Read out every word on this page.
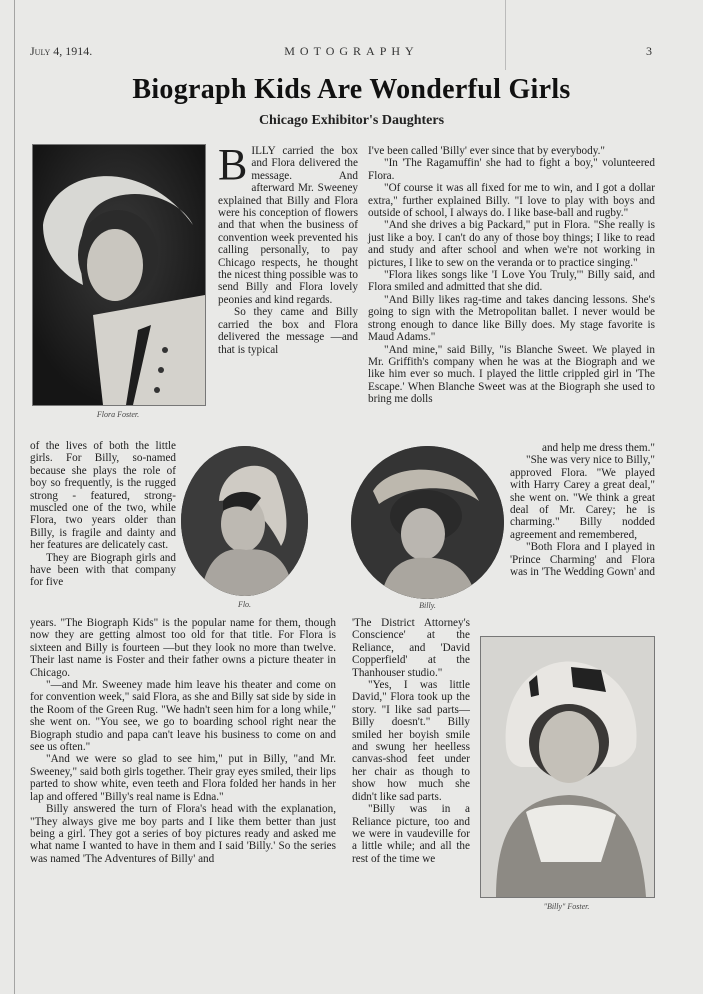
July 4, 1914.	MOTOGRAPHY	3
Biograph Kids Are Wonderful Girls
Chicago Exhibitor's Daughters
Flora Foster.

BILLY carried the box and Flora delivered the message. And afterward Mr. Sweeney explained that Billy and Flora were his conception of flowers and that when the business of convention week prevented his calling personally, to pay Chicago respects, he thought the nicest thing possible was to send Billy and Flora lovely peonies and kind regards.

So they came and Billy carried the box and Flora delivered the message —and that is typical

I've been called 'Billy' ever since that by everybody."

"In 'The Ragamuffin' she had to fight a boy," volunteered Flora.

"Of course it was all fixed for me to win, and I got a dollar extra," further explained Billy. "I love to play with boys and outside of school, I always do. I like base-ball and rugby."

"And she drives a big Packard," put in Flora. "She really is just like a boy. I can't do any of those boy things; I like to read and study and after school and when we're not working in pictures, I like to sew on the veranda or to practice singing."

"Flora likes songs like 'I Love You Truly,'" Billy said, and Flora smiled and admitted that she did.

"And Billy likes rag-time and takes dancing lessons. She's going to sign with the Metropolitan ballet. I never would be strong enough to dance like Billy does. My stage favorite is Maud Adams."

"And mine," said Billy, "is Blanche Sweet. We played in Mr. Griffith's company when he was at the Biograph and we like him ever so much. I played the little crippled girl in 'The Escape.' When Blanche Sweet was at the Biograph she used to bring me dolls

of the lives of both the little girls. For Billy, so-named because she plays the role of boy so frequently, is the rugged strong - featured, strong-muscled one of the two, while Flora, two years older than Billy, is fragile and dainty and her features are delicately cast.

They are Biograph girls and have been with that company for five

Flo.	Billy.

and help me dress them."

"She was very nice to Billy," approved Flora. "We played with Harry Carey a great deal," she went on. "We think a great deal of Mr. Carey; he is charming." Billy nodded agreement and remembered,

"Both Flora and I played in 'Prince Charming' and Flora was in 'The Wedding Gown' and

years. "The Biograph Kids" is the popular name for them, though now they are getting almost too old for that title. For Flora is sixteen and Billy is fourteen —but they look no more than twelve. Their last name is Foster and their father owns a picture theater in Chicago.

"—and Mr. Sweeney made him leave his theater and come on for convention week," said Flora, as she and Billy sat side by side in the Room of the Green Rug. "We hadn't seen him for a long while," she went on. "You see, we go to boarding school right near the Biograph studio and papa can't leave his business to come on and see us often."

"And we were so glad to see him," put in Billy, "and Mr. Sweeney," said both girls together. Their gray eyes smiled, their lips parted to show white, even teeth and Flora folded her hands in her lap and offered "Billy's real name is Edna."

Billy answered the turn of Flora's head with the explanation, "They always give me boy parts and I like them better than just being a girl. They got a series of boy pictures ready and asked me what name I wanted to have in them and I said 'Billy.' So the series was named 'The Adventures of Billy' and

'The District Attorney's Conscience' at the Reliance, and 'David Copperfield' at the Thanhouser studio."

"Yes, I was little David," Flora took up the story. "I like sad parts—Billy doesn't." Billy smiled her boyish smile and swung her heelless canvas-shod feet under her chair as though to show how much she didn't like sad parts.

"Billy was in a Reliance picture, too and we were in vaudeville for a little while; and all the rest of the time we

"Billy" Foster.
